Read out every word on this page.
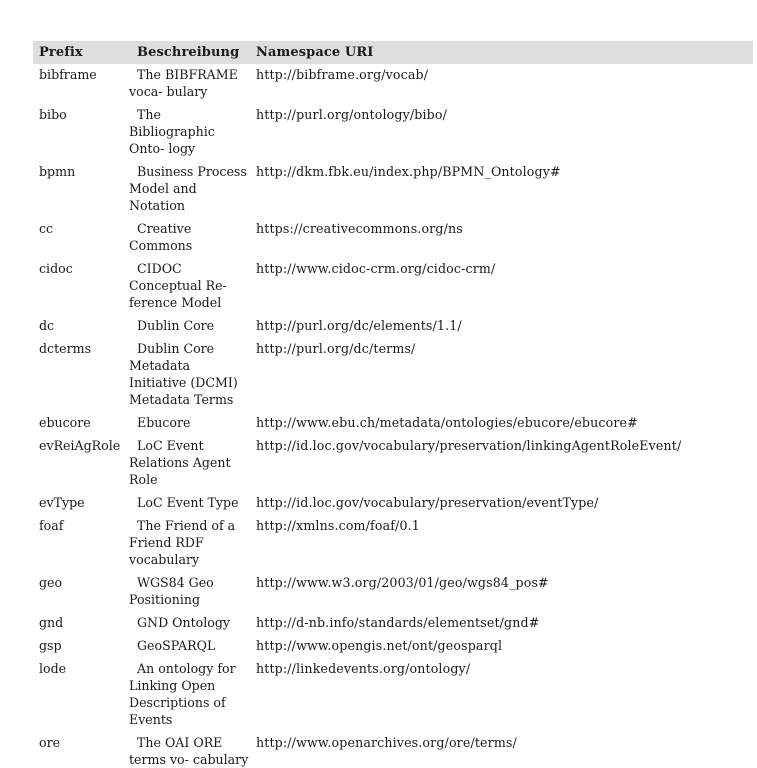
Prefix	Beschreibung	Namespace URI
bibframe	The BIBFRAME voca- bulary	http://bibframe.org/vocab/
bibo	The Bibliographic Onto- logy	http://purl.org/ontology/bibo/
bpmn	Business Process Model and Notation	http://dkm.fbk.eu/index.php/BPMN_Ontology#
cc	Creative Commons	https://creativecommons.org/ns
cidoc	CIDOC Conceptual Re- ference Model	http://www.cidoc-crm.org/cidoc-crm/
dc	Dublin Core	http://purl.org/dc/elements/1.1/
dcterms	Dublin Core Metadata Initiative (DCMI) Metadata Terms	http://purl.org/dc/terms/
ebucore	Ebucore	http://www.ebu.ch/metadata/ontologies/ebucore/ebucore#
evReiAgRole	LoC Event Relations Agent Role	http://id.loc.gov/vocabulary/preservation/linkingAgentRoleEvent/
evType	LoC Event Type	http://id.loc.gov/vocabulary/preservation/eventType/
foaf	The Friend of a Friend RDF vocabulary	http://xmlns.com/foaf/0.1
geo	WGS84 Geo Positioning	http://www.w3.org/2003/01/geo/wgs84_pos#
gnd	GND Ontology	http://d-nb.info/standards/elementset/gnd#
gsp	GeoSPARQL	http://www.opengis.net/ont/geosparql
lode	An ontology for Linking Open Descriptions of Events	http://linkedevents.org/ontology/
ore	The OAI ORE terms vo- cabulary	http://www.openarchives.org/ore/terms/
